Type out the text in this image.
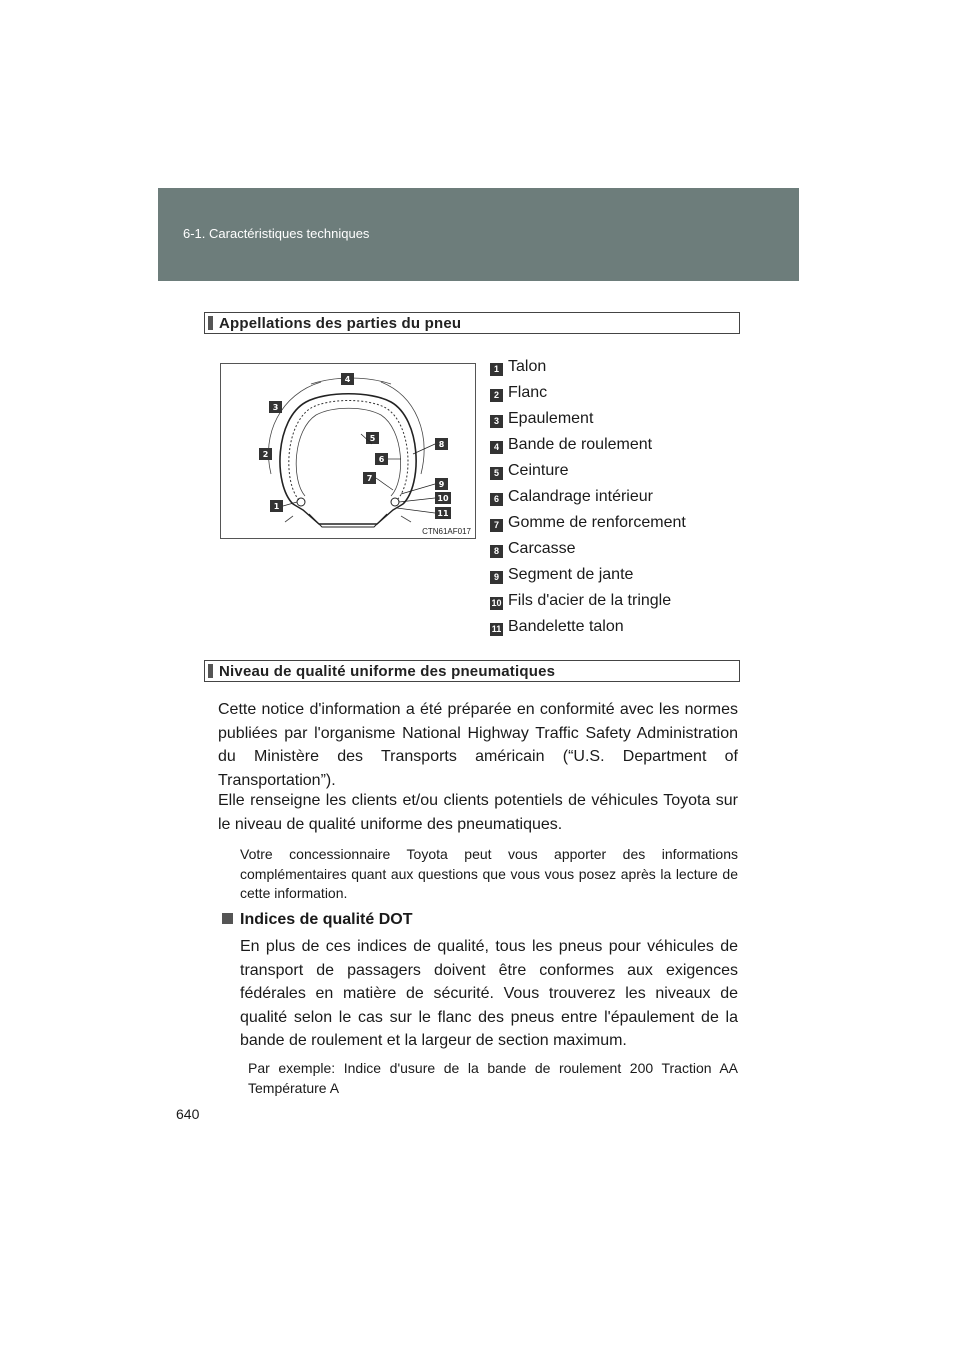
6-1. Caractéristiques techniques
Appellations des parties du pneu
1
2
3
4
5
6
7
8
9
10
11
CTN61AF017
1 Talon
2 Flanc
3 Epaulement
4 Bande de roulement
5 Ceinture
6 Calandrage intérieur
7 Gomme de renforcement
8 Carcasse
9 Segment de jante
10 Fils d'acier de la tringle
11 Bandelette talon
Niveau de qualité uniforme des pneumatiques
Cette notice d'information a été préparée en conformité avec les normes publiées par l'organisme National Highway Traffic Safety Administration du Ministère des Transports américain (“U.S. Department of Transportation”).
Elle renseigne les clients et/ou clients potentiels de véhicules Toyota sur le niveau de qualité uniforme des pneumatiques.
Votre concessionnaire Toyota peut vous apporter des informations complémentaires quant aux questions que vous vous posez après la lecture de cette information.
Indices de qualité DOT
En plus de ces indices de qualité, tous les pneus pour véhicules de transport de passagers doivent être conformes aux exigences fédérales en matière de sécurité. Vous trouverez les niveaux de qualité selon le cas sur le flanc des pneus entre l'épaulement de la bande de roulement et la largeur de section maximum.
Par exemple: Indice d'usure de la bande de roulement 200 Traction AA Température A
640
